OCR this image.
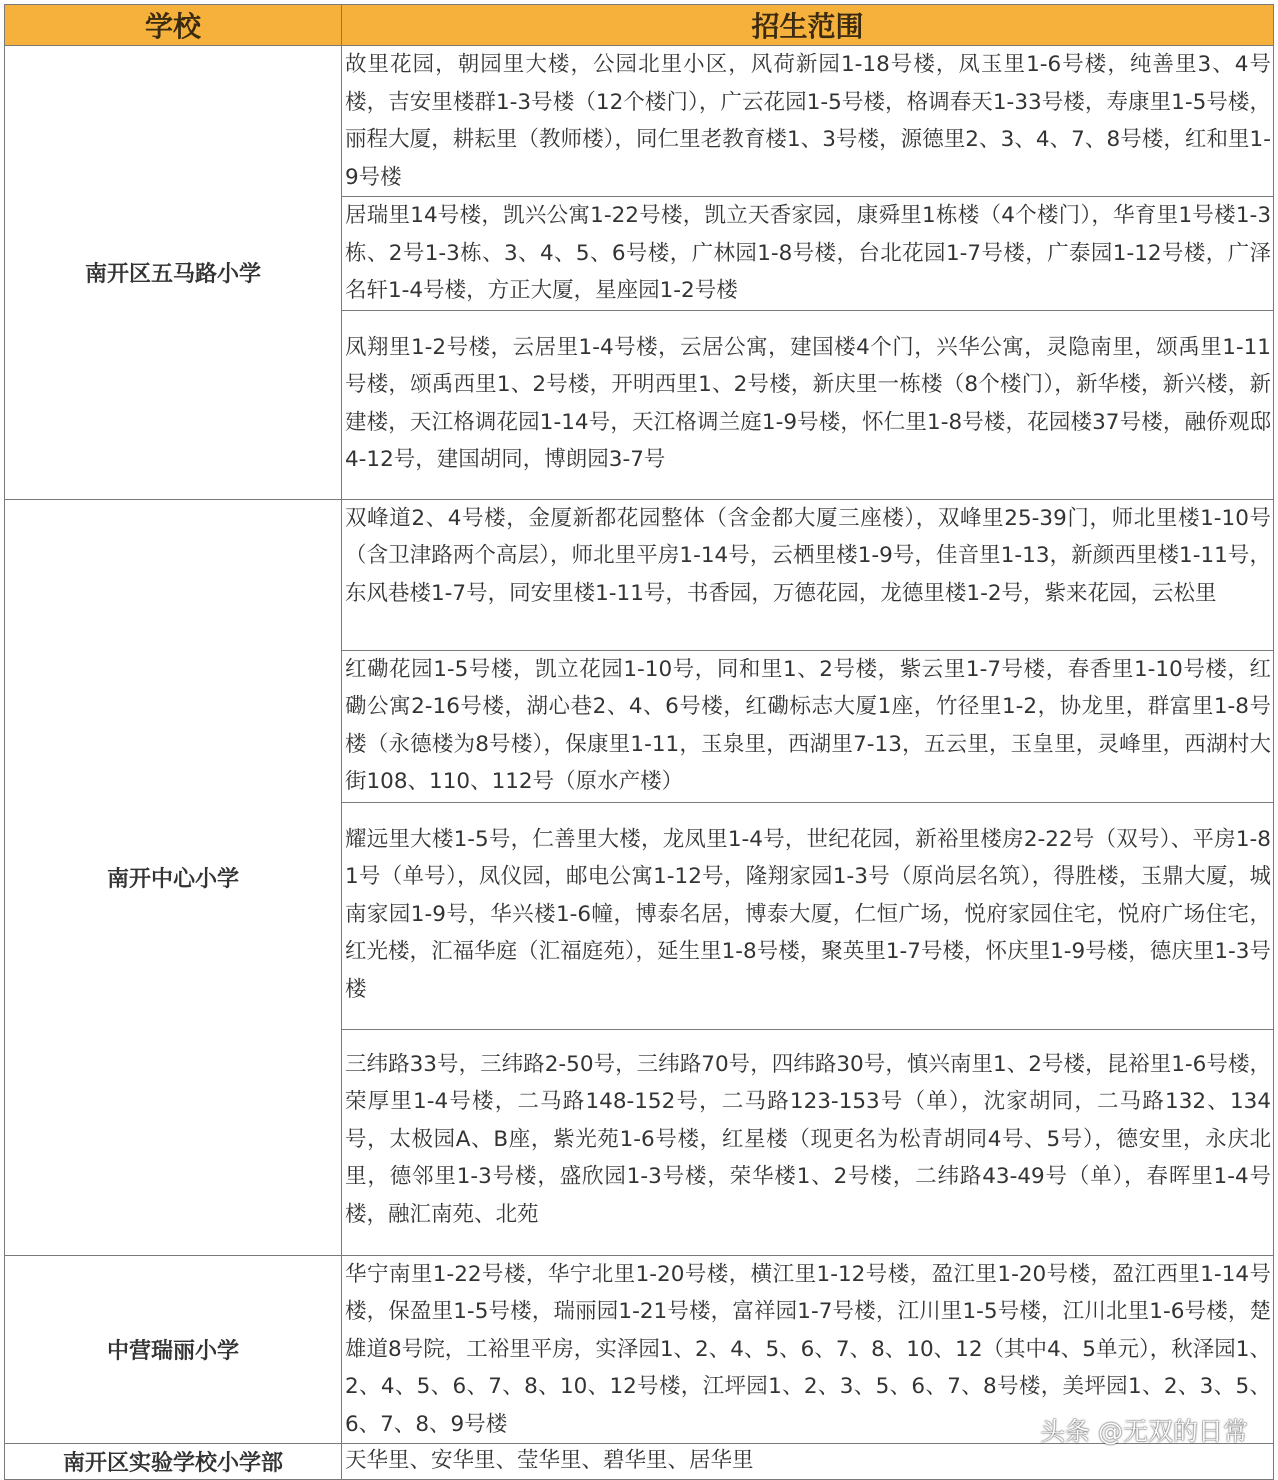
学校	招生范围
南开区五马路小学	故里花园，朝园里大楼，公园北里小区，风荷新园1-18号楼，凤玉里1-6号楼，纯善里3、4号楼，吉安里楼群1-3号楼（12个楼门），广云花园1-5号楼，格调春天1-33号楼，寿康里1-5号楼，丽程大厦，耕耘里（教师楼），同仁里老教育楼1、3号楼，源德里2、3、4、7、8号楼，红和里1-9号楼
	居瑞里14号楼，凯兴公寓1-22号楼，凯立天香家园，康舜里1栋楼（4个楼门），华育里1号楼1-3栋、2号1-3栋、3、4、5、6号楼，广林园1-8号楼，台北花园1-7号楼，广泰园1-12号楼，广泽名轩1-4号楼，方正大厦，星座园1-2号楼
	凤翔里1-2号楼，云居里1-4号楼，云居公寓，建国楼4个门，兴华公寓，灵隐南里，颂禹里1-11号楼，颂禹西里1、2号楼，开明西里1、2号楼，新庆里一栋楼（8个楼门），新华楼，新兴楼，新建楼，天江格调花园1-14号，天江格调兰庭1-9号楼，怀仁里1-8号楼，花园楼37号楼，融侨观邸4-12号，建国胡同，博朗园3-7号
南开中心小学	双峰道2、4号楼，金厦新都花园整体（含金都大厦三座楼），双峰里25-39门，师北里楼1-10号（含卫津路两个高层），师北里平房1-14号，云栖里楼1-9号，佳音里1-13，新颜西里楼1-11号，东风巷楼1-7号，同安里楼1-11号，书香园，万德花园，龙德里楼1-2号，紫来花园，云松里
	红磡花园1-5号楼，凯立花园1-10号，同和里1、2号楼，紫云里1-7号楼，春香里1-10号楼，红磡公寓2-16号楼，湖心巷2、4、6号楼，红磡标志大厦1座，竹径里1-2，协龙里，群富里1-8号楼（永德楼为8号楼），保康里1-11，玉泉里，西湖里7-13，五云里，玉皇里，灵峰里，西湖村大街108、110、112号（原水产楼）
	耀远里大楼1-5号，仁善里大楼，龙凤里1-4号，世纪花园，新裕里楼房2-22号（双号）、平房1-81号（单号），凤仪园，邮电公寓1-12号，隆翔家园1-3号（原尚层名筑），得胜楼，玉鼎大厦，城南家园1-9号，华兴楼1-6幢，博泰名居，博泰大厦，仁恒广场，悦府家园住宅，悦府广场住宅，红光楼，汇福华庭（汇福庭苑），延生里1-8号楼，聚英里1-7号楼，怀庆里1-9号楼，德庆里1-3号楼
	三纬路33号，三纬路2-50号，三纬路70号，四纬路30号，慎兴南里1、2号楼，昆裕里1-6号楼，荣厚里1-4号楼，二马路148-152号，二马路123-153号（单），沈家胡同，二马路132、134号，太极园A、B座，紫光苑1-6号楼，红星楼（现更名为松青胡同4号、5号），德安里，永庆北里，德邻里1-3号楼，盛欣园1-3号楼，荣华楼1、2号楼，二纬路43-49号（单），春晖里1-4号楼，融汇南苑、北苑
中营瑞丽小学	华宁南里1-22号楼，华宁北里1-20号楼，横江里1-12号楼，盈江里1-20号楼，盈江西里1-14号楼，保盈里1-5号楼，瑞丽园1-21号楼，富祥园1-7号楼，江川里1-5号楼，江川北里1-6号楼，楚雄道8号院，工裕里平房，实泽园1、2、4、5、6、7、8、10、12（其中4、5单元），秋泽园1、2、4、5、6、7、8、10、12号楼，江坪园1、2、3、5、6、7、8号楼，美坪园1、2、3、5、6、7、8、9号楼
南开区实验学校小学部	天华里、安华里、莹华里、碧华里、居华里
头条 @无双的日常
